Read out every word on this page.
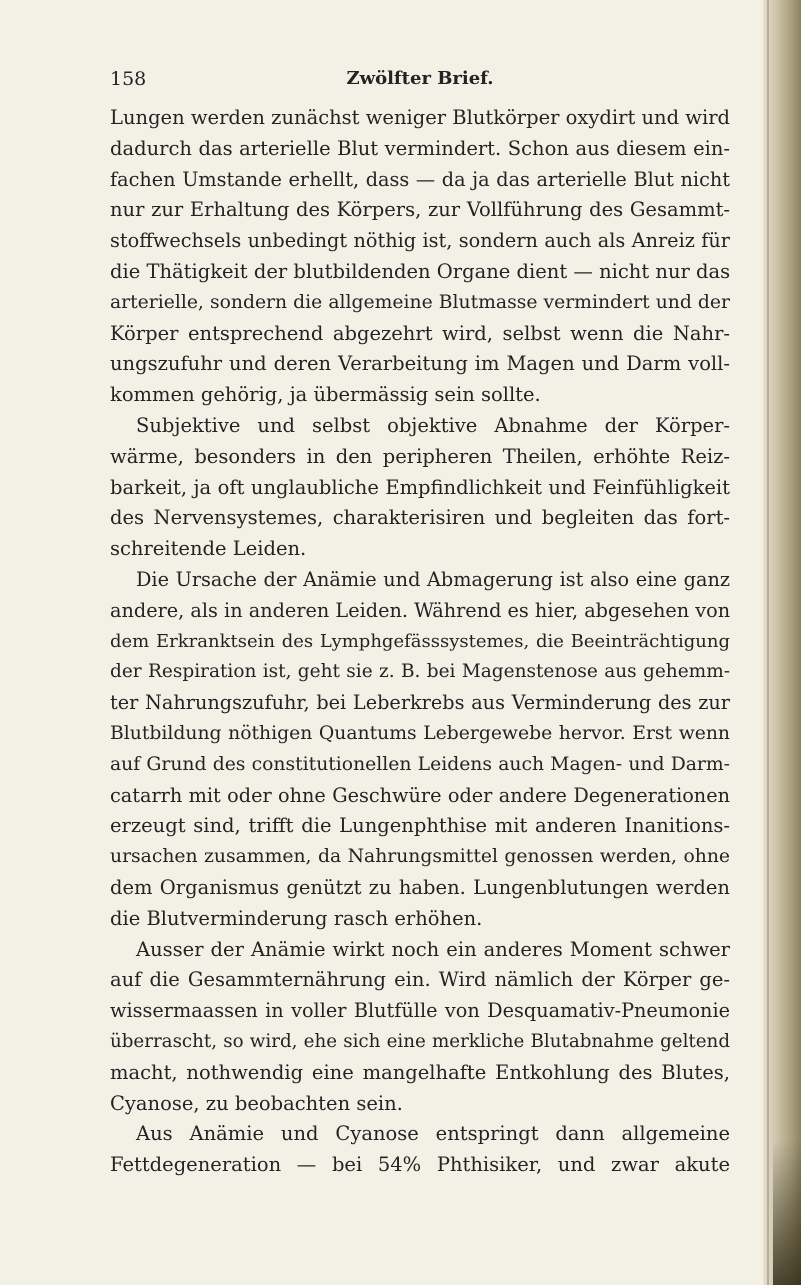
158	Zwölfter Brief.
Lungen werden zunächst weniger Blutkörper oxydirt und wird
dadurch das arterielle Blut vermindert. Schon aus diesem ein-
fachen Umstande erhellt, dass — da ja das arterielle Blut nicht
nur zur Erhaltung des Körpers, zur Vollführung des Gesammt-
stoffwechsels unbedingt nöthig ist, sondern auch als Anreiz für
die Thätigkeit der blutbildenden Organe dient — nicht nur das
arterielle, sondern die allgemeine Blutmasse vermindert und der
Körper entsprechend abgezehrt wird, selbst wenn die Nahr-
ungszufuhr und deren Verarbeitung im Magen und Darm voll-
kommen gehörig, ja übermässig sein sollte.
Subjektive und selbst objektive Abnahme der Körper-
wärme, besonders in den peripheren Theilen, erhöhte Reiz-
barkeit, ja oft unglaubliche Empfindlichkeit und Feinfühligkeit
des Nervensystemes, charakterisiren und begleiten das fort-
schreitende Leiden.
Die Ursache der Anämie und Abmagerung ist also eine ganz
andere, als in anderen Leiden. Während es hier, abgesehen von
dem Erkranktsein des Lymphgefässsystemes, die Beeinträchtigung
der Respiration ist, geht sie z. B. bei Magenstenose aus gehemm-
ter Nahrungszufuhr, bei Leberkrebs aus Verminderung des zur
Blutbildung nöthigen Quantums Lebergewebe hervor. Erst wenn
auf Grund des constitutionellen Leidens auch Magen- und Darm-
catarrh mit oder ohne Geschwüre oder andere Degenerationen
erzeugt sind, trifft die Lungenphthise mit anderen Inanitions-
ursachen zusammen, da Nahrungsmittel genossen werden, ohne
dem Organismus genützt zu haben. Lungenblutungen werden
die Blutverminderung rasch erhöhen.
Ausser der Anämie wirkt noch ein anderes Moment schwer
auf die Gesammternährung ein. Wird nämlich der Körper ge-
wissermaassen in voller Blutfülle von Desquamativ-Pneumonie
überrascht, so wird, ehe sich eine merkliche Blutabnahme geltend
macht, nothwendig eine mangelhafte Entkohlung des Blutes,
Cyanose, zu beobachten sein.
Aus Anämie und Cyanose entspringt dann allgemeine
Fettdegeneration — bei 54% Phthisiker, und zwar akute
